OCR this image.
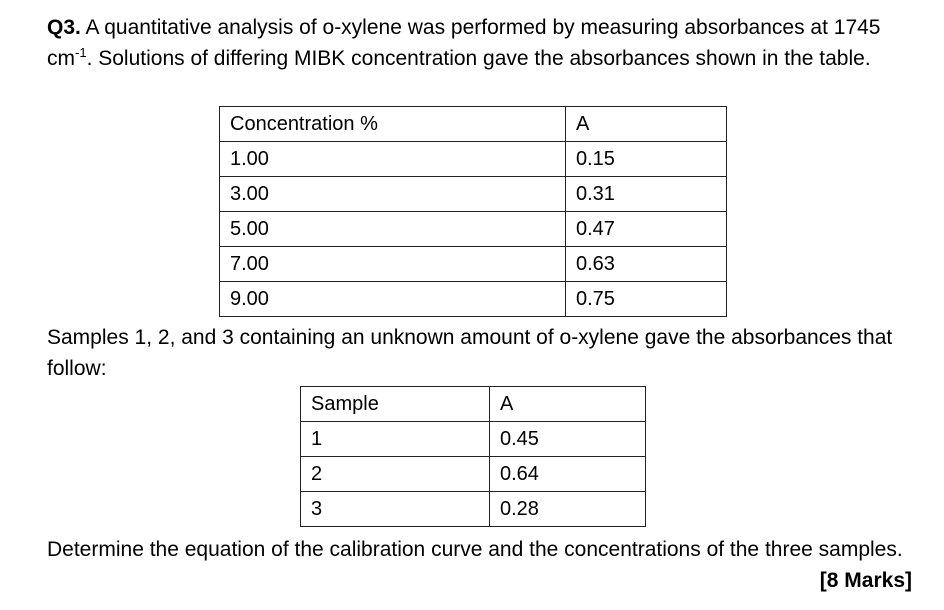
Q3. A quantitative analysis of o-xylene was performed by measuring absorbances at 1745 $cm^{-1}$. Solutions of differing MIBK concentration gave the absorbances shown in the table.

Concentration %	A
1.00	0.15
3.00	0.31
5.00	0.47
7.00	0.63
9.00	0.75

Samples 1, 2, and 3 containing an unknown amount of o-xylene gave the absorbances that follow:

Sample	A
1	0.45
2	0.64
3	0.28

Determine the equation of the calibration curve and the concentrations of the three samples.

[8 Marks]
